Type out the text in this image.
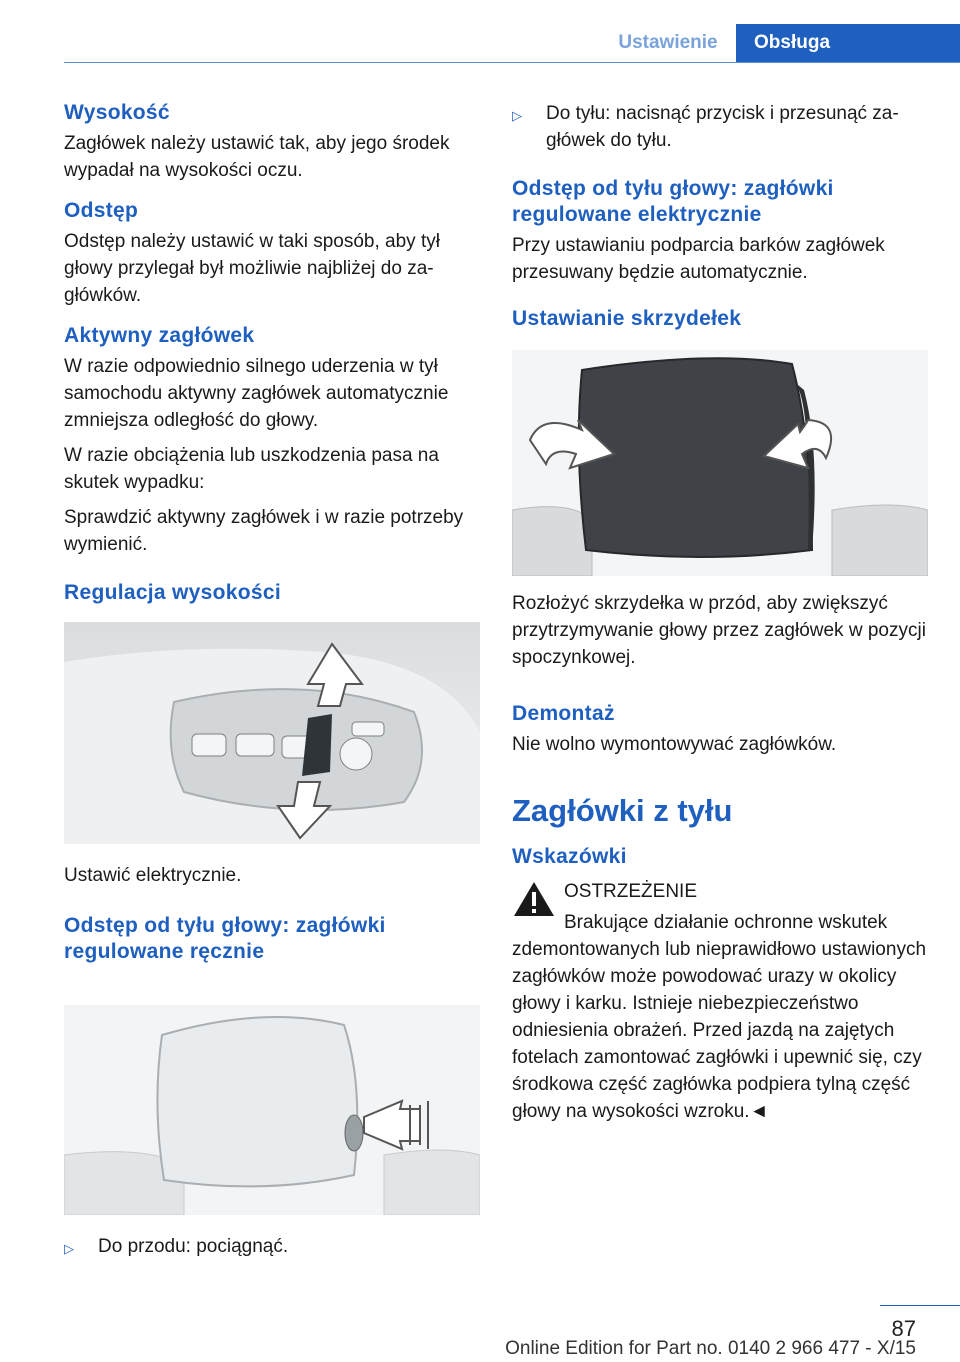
Ustawienie	Obsługa
Wysokość
Zagłówek należy ustawić tak, aby jego środek wypadał na wysokości oczu.
Odstęp
Odstęp należy ustawić w taki sposób, aby tył głowy przylegał był możliwie najbliżej do zagłówków.
Aktywny zagłówek
W razie odpowiednio silnego uderzenia w tył samochodu aktywny zagłówek automatycznie zmniejsza odległość do głowy.
W razie obciążenia lub uszkodzenia pasa na skutek wypadku:
Sprawdzić aktywny zagłówek i w razie potrzeby wymienić.
Regulacja wysokości
Ustawić elektrycznie.
Odstęp od tyłu głowy: zagłówki regulowane ręcznie
▷	Do przodu: pociągnąć.
▷	Do tyłu: nacisnąć przycisk i przesunąć zagłówek do tyłu.
Odstęp od tyłu głowy: zagłówki regulowane elektrycznie
Przy ustawianiu podparcia barków zagłówek przesuwany będzie automatycznie.
Ustawianie skrzydełek
Rozłożyć skrzydełka w przód, aby zwiększyć przytrzymywanie głowy przez zagłówek w pozycji spoczynkowej.
Demontaż
Nie wolno wymontowywać zagłówków.
Zagłówki z tyłu
Wskazówki
OSTRZEŻENIE
Brakujące działanie ochronne wskutek zdemontowanych lub nieprawidłowo ustawionych zagłówków może powodować urazy w okolicy głowy i karku. Istnieje niebezpieczeństwo odniesienia obrażeń. Przed jazdą na zajętych fotelach zamontować zagłówki i upewnić się, czy środkowa część zagłówka podpiera tylną część głowy na wysokości wzroku.◄
87
Online Edition for Part no. 0140 2 966 477 - X/15
